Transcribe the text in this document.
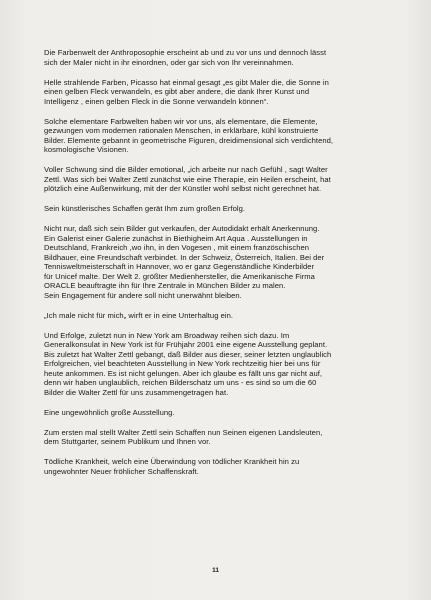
Die Farbenwelt der Anthroposophie erscheint ab und zu vor uns und dennoch lässt
sich der Maler nicht in ihr einordnen, oder gar sich von Ihr vereinnahmen.

Helle strahlende Farben, Picasso hat einmal gesagt „es gibt Maler die, die Sonne in
einen gelben Fleck verwandeln, es gibt aber andere, die dank Ihrer Kunst und
Intelligenz , einen gelben Fleck in die Sonne verwandeln können“.

Solche elementare Farbwelten haben wir vor uns, als elementare, die Elemente,
gezwungen vom modernen rationalen Menschen, in erklärbare, kühl konstruierte
Bilder. Elemente gebannt in geometrische Figuren, dreidimensional sich verdichtend,
kosmologische Visionen.

Voller Schwung sind die Bilder emotional, „ich arbeite nur nach Gefühl , sagt Walter
Zettl. Was sich bei Walter Zettl zunächst wie eine Therapie, ein Heilen erscheint, hat
plötzlich eine Außenwirkung, mit der der Künstler wohl selbst nicht gerechnet hat.

Sein künstlerisches Schaffen gerät Ihm zum großen Erfolg.

Nicht nur, daß sich sein Bilder gut verkaufen, der Autodidakt erhält Anerkennung.
Ein Galerist einer Galerie zunächst in Biethigheim Art Aqua . Ausstellungen in
Deutschland, Frankreich ,wo ihn, in den Vogesen , mit einem französchischen
Bildhauer, eine Freundschaft verbindet. In der Schweiz, Österreich, Italien. Bei der
Tennisweltmeisterschaft in Hannover, wo er ganz Gegenständliche Kinderbilder
für Unicef malte. Der Welt 2. größter Medienhersteller, die Amerikanische Firma
ORACLE beauftragte ihn für Ihre Zentrale in München Bilder zu malen.
Sein Engagement für andere soll nicht unerwähnt bleiben.

„Ich male nicht für mich„ wirft er in eine Unterhaltug ein.

Und Erfolge, zuletzt nun in New York am Broadway reihen sich dazu. Im
Generalkonsulat in New York ist für Frühjahr 2001 eine eigene Ausstellung geplant.
Bis zuletzt hat Walter Zettl gebangt, daß Bilder aus dieser, seiner letzten unglaublich
Erfolgreichen, viel beachteten Ausstellung in New York rechtzeitig hier bei uns für
heute ankommen. Es ist nicht gelungen. Aber ich glaube es fällt uns gar nicht auf,
denn wir haben unglaublich, reichen Bilderschatz um uns - es sind so um die 60
Bilder die Walter Zettl für uns zusammengetragen hat.

Eine ungewöhnlich große Ausstellung.

Zum ersten mal stellt Walter Zettl sein Schaffen nun Seinen eigenen Landsleuten,
dem Stuttgarter, seinem Publikum und Ihnen vor.

Tödliche Krankheit, welch eine Überwindung von tödlicher Krankheit hin zu
ungewohnter Neuer fröhlicher Schaffenskraft.

11
